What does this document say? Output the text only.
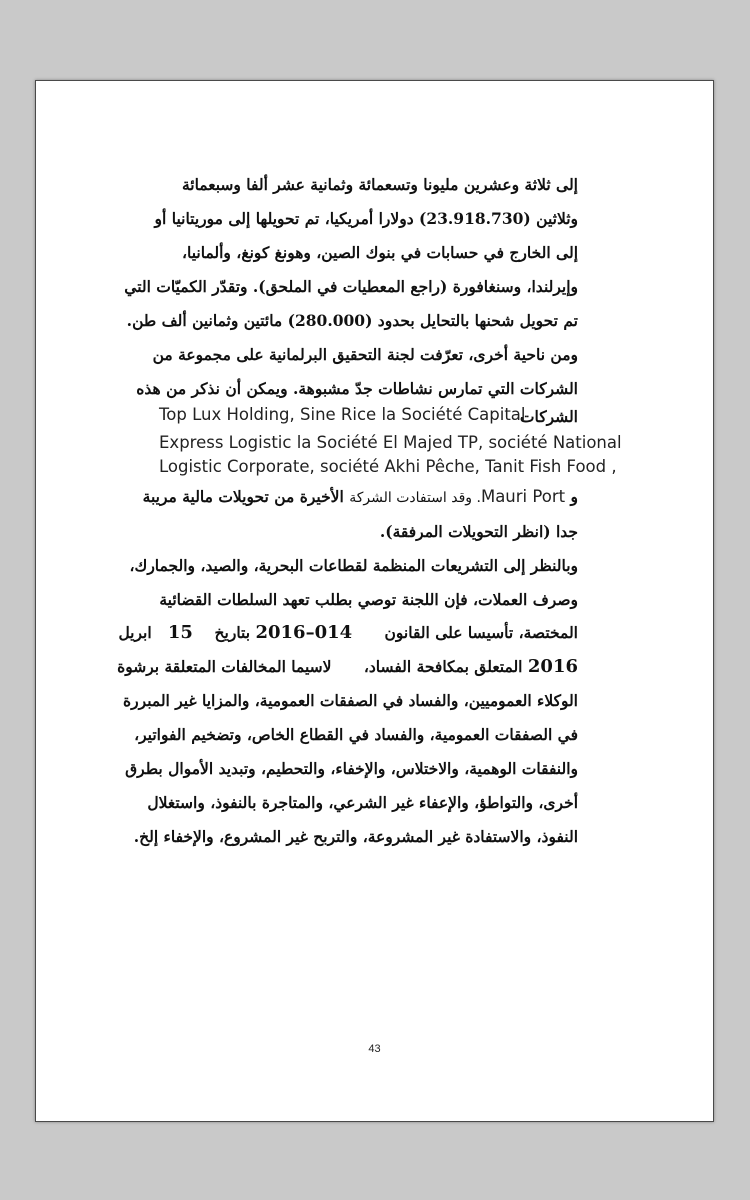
إلى ثلاثة وعشرين مليونا وتسعمائة وثمانية عشر ألفا وسبعمائة
وثلاثين (23.918.730) دولارا أمريكيا، تم تحويلها إلى موريتانيا أو
إلى الخارج في حسابات في بنوك الصين، وهونغ كونغ، وألمانيا،
وإيرلندا، وسنغافورة (راجع المعطيات في الملحق). وتقدّر الكميّات التي
تم تحويل شحنها بالتحايل بحدود (280.000) مائتين وثمانين ألف طن.
ومن ناحية أخرى، تعرّفت لجنة التحقيق البرلمانية على مجموعة من
الشركات التي تمارس نشاطات جدّ مشبوهة. ويمكن أن نذكر من هذه
الشركات
Top Lux Holding, Sine Rice la Société Capital
Express Logistic la Société El Majed TP, société National
Logistic Corporate, société Akhi Pêche, Tanit Fish Food ,
و Mauri Port. وقد استفادت الشركة الأخيرة من تحويلات مالية مريبة
جدا (انظر التحويلات المرفقة).
وبالنظر إلى التشريعات المنظمة لقطاعات البحرية، والصيد، والجمارك،
وصرف العملات، فإن اللجنة توصي بطلب تعهد السلطات القضائية
المختصة، تأسيسا على القانون      2016–014 بتاريخ    15   ابريل
2016 المتعلق بمكافحة الفساد،      لاسيما المخالفات المتعلقة برشوة
الوكلاء العموميين، والفساد في الصفقات العمومية، والمزايا غير المبررة
في الصفقات العمومية، والفساد في القطاع الخاص، وتضخيم الفواتير،
والنفقات الوهمية، والاختلاس، والإخفاء، والتحطيم، وتبديد الأموال بطرق
أخرى، والتواطؤ، والإعفاء غير الشرعي، والمتاجرة بالنفوذ، واستغلال
النفوذ، والاستفادة غير المشروعة، والتربح غير المشروع، والإخفاء إلخ.
43
